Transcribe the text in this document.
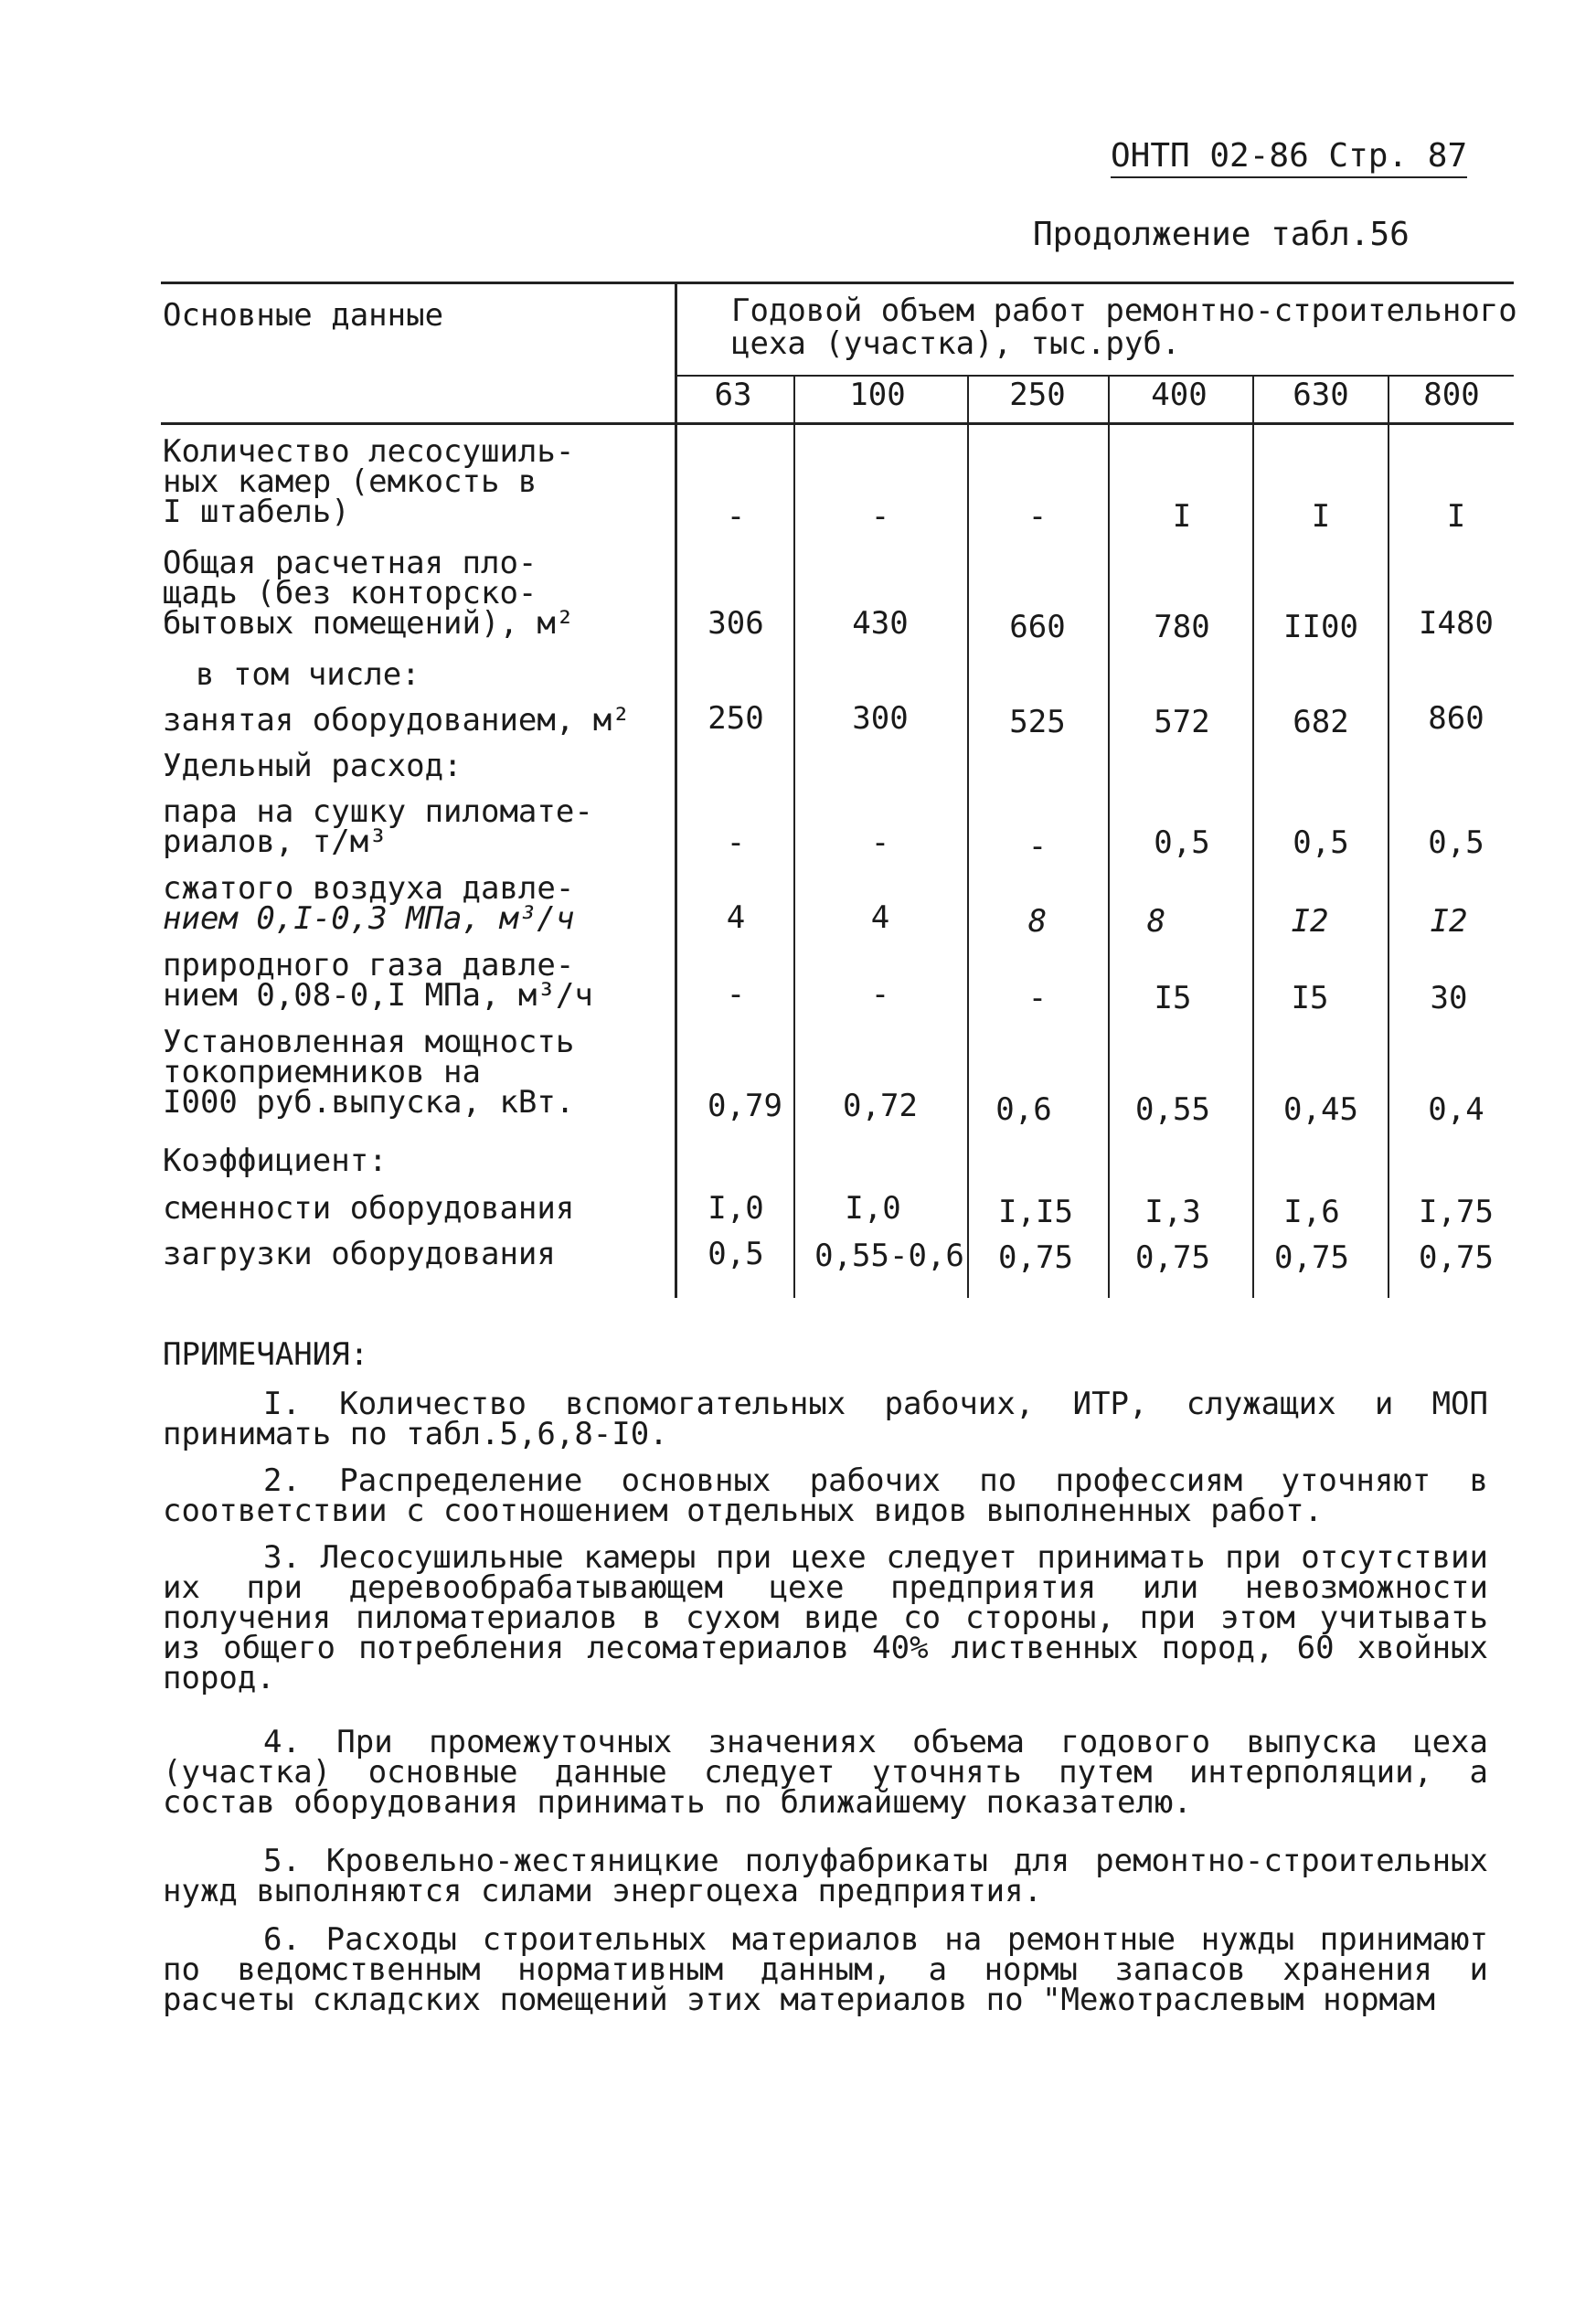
ОНТП 02-86 Стр. 87
Продолжение табл.56
Основные данные	Годовой объем работ ремонтно-строительного
цеха (участка), тыс.руб.
63	100	250	400	630	800
Количество лесосушиль-
ных камер (емкость в
I штабель)	-	-	-	I	I	I
Общая расчетная пло-
щадь (без конторско-
бытовых помещений), м²	306	430	660	780	II00	I480
в том числе:
занятая оборудованием, м²	250	300	525	572	682	860
Удельный расход:
пара на сушку пиломате-
риалов, т/м³	-	-	-	0,5	0,5	0,5
сжатого воздуха давле-
нием 0,I-0,3 МПа, м³/ч	4	4	8	8	I2	I2
природного газа давле-
нием 0,08-0,I МПа, м³/ч	-	-	-	I5	I5	30
Установленная мощность
токоприемников на
I000 руб.выпуска, кВт.	0,79	0,72	0,6	0,55	0,45	0,4
Коэффициент:
сменности оборудования	I,0	I,0	I,I5	I,3	I,6	I,75
загрузки оборудования	0,5	0,55-0,6	0,75	0,75	0,75	0,75
ПРИМЕЧАНИЯ:

I. Количество вспомогательных рабочих, ИТР, служащих и МОП принимать по табл.5,6,8-I0.

2. Распределение основных рабочих по профессиям уточняют в соответствии с соотношением отдельных видов выполненных работ.

3. Лесосушильные камеры при цехе следует принимать при отсутствии их при деревообрабатывающем цехе предприятия или невозможности получения пиломатериалов в сухом виде со стороны, при этом учитывать из общего потребления лесоматериалов 40% лиственных пород, 60 хвойных пород.

4. При промежуточных значениях объема годового выпуска цеха (участка) основные данные следует уточнять путем интерполяции, а состав оборудования принимать по ближайшему показателю.

5. Кровельно-жестяницкие полуфабрикаты для ремонтно-строительных нужд выполняются силами энергоцеха предприятия.

6. Расходы строительных материалов на ремонтные нужды принимают по ведомственным нормативным данным, а нормы запасов хранения и расчеты складских помещений этих материалов по "Межотраслевым нормам
